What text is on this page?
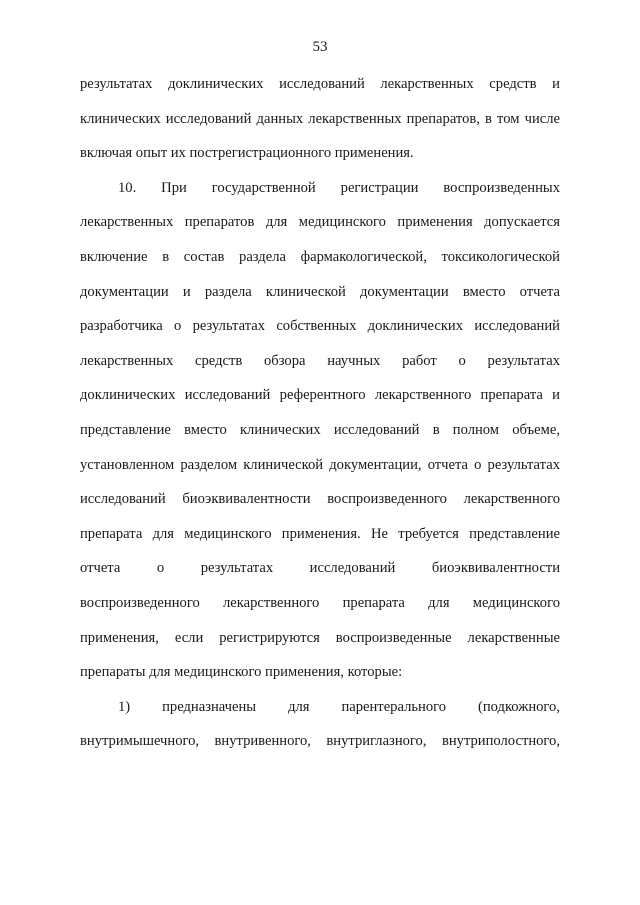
53
результатах доклинических исследований лекарственных средств и
клинических исследований данных лекарственных препаратов, в том числе
включая опыт их пострегистрационного применения.
10. При государственной регистрации воспроизведенных
лекарственных препаратов для медицинского применения допускается
включение в состав раздела фармакологической, токсикологической
документации и раздела клинической документации вместо отчета
разработчика о результатах собственных доклинических исследований
лекарственных средств обзора научных работ о результатах
доклинических исследований референтного лекарственного препарата и
представление вместо клинических исследований в полном объеме,
установленном разделом клинической документации, отчета о результатах
исследований биоэквивалентности воспроизведенного лекарственного
препарата для медицинского применения. Не требуется представление
отчета о результатах исследований биоэквивалентности
воспроизведенного лекарственного препарата для медицинского
применения, если регистрируются воспроизведенные лекарственные
препараты для медицинского применения, которые:
1) предназначены для парентерального (подкожного,
внутримышечного, внутривенного, внутриглазного, внутриполостного,
